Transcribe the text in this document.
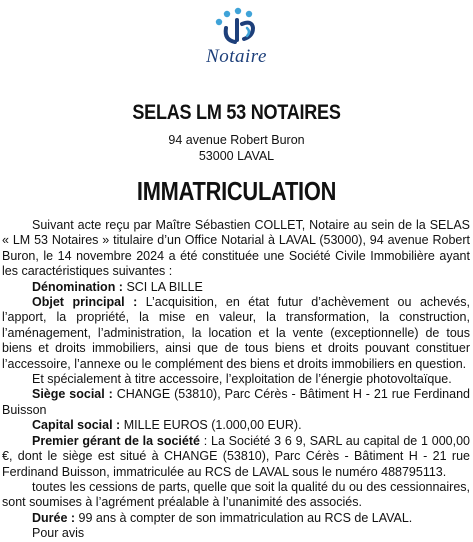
Notaire
SELAS LM 53 NOTAIRES
94 avenue Robert Buron
53000 LAVAL
IMMATRICULATION

Suivant acte reçu par Maître Sébastien COLLET, Notaire au sein de la SELAS « LM 53 Notaires » titulaire d’un Office Notarial à LAVAL (53000), 94 avenue Robert Buron, le 14 novembre 2024 a été constituée une Société Civile Immobilière ayant les caractéristiques suivantes :

Dénomination : SCI LA BILLE
Objet principal : L’acquisition, en état futur d’achèvement ou achevés, l’apport, la propriété, la mise en valeur, la transformation, la construction, l’aménagement, l’administration, la location et la vente (exceptionnelle) de tous biens et droits immobiliers, ainsi que de tous biens et droits pouvant constituer l’accessoire, l’annexe ou le complément des biens et droits immobiliers en question.

Et spécialement à titre accessoire, l’exploitation de l’énergie photovoltaïque.

Siège social : CHANGE (53810), Parc Cérès - Bâtiment H - 21 rue Ferdinand Buisson
Capital social : MILLE EUROS (1.000,00 EUR).
Premier gérant de la société : La Société 3 6 9, SARL au capital de 1 000,00 €, dont le siège est situé à CHANGE (53810), Parc Cérès - Bâtiment H - 21 rue Ferdinand Buisson, immatriculée au RCS de LAVAL sous le numéro 488795113.

toutes les cessions de parts, quelle que soit la qualité du ou des cessionnaires, sont soumises à l’agrément préalable à l’unanimité des associés.

Durée : 99 ans à compter de son immatriculation au RCS de LAVAL.
Pour avis
